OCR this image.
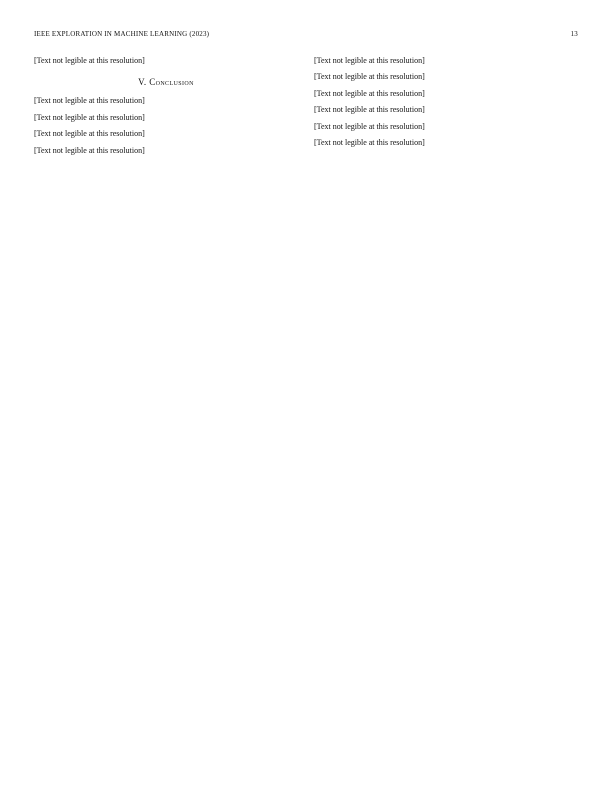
IEEE EXPLORATION IN MACHINE LEARNING (2023)	13

[Text not legible at this resolution]

V. Conclusion

[Text not legible at this resolution]

[Text not legible at this resolution]

[Text not legible at this resolution]

[Text not legible at this resolution]

[Text not legible at this resolution]

[Text not legible at this resolution]

[Text not legible at this resolution]

[Text not legible at this resolution]

[Text not legible at this resolution]

[Text not legible at this resolution]
